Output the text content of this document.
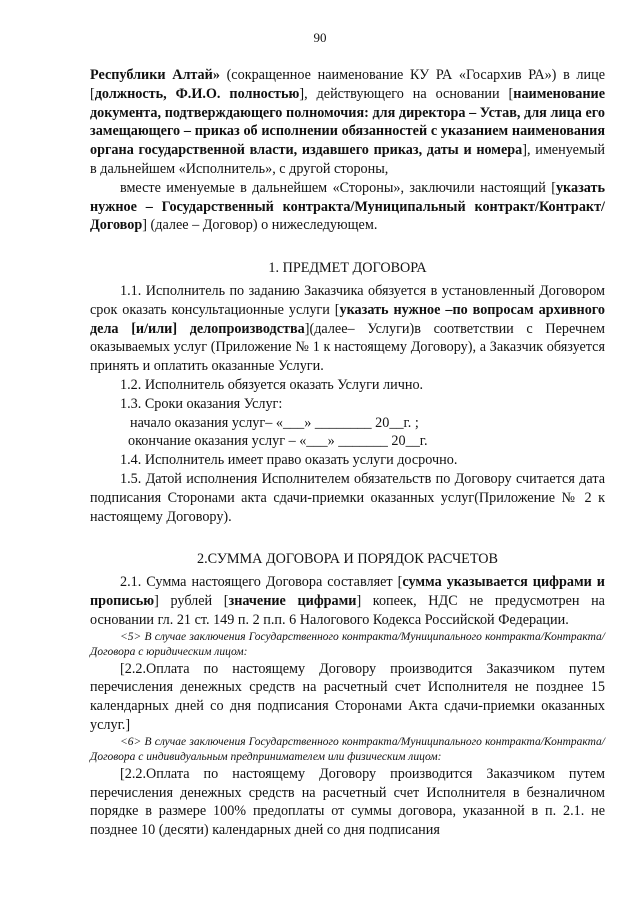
90

Республики Алтай» (сокращенное наименование КУ РА «Госархив РА») в лице [должность, Ф.И.О. полностью], действующего на основании [наименование документа, подтверждающего полномочия: для директора – Устав, для лица его замещающего – приказ об исполнении обязанностей с указанием наименования органа государственной власти, издавшего приказ, даты и номера], именуемый в дальнейшем «Исполнитель», с другой стороны,

вместе именуемые в дальнейшем «Стороны», заключили настоящий [указать нужное – Государственный контракта/Муниципальный контракт/Контракт/Договор] (далее – Договор) о нижеследующем.

1. ПРЕДМЕТ ДОГОВОРА

1.1. Исполнитель по заданию Заказчика обязуется в установленный Договором срок оказать консультационные услуги [указать нужное –по вопросам архивного дела [и/или] делопроизводства](далее– Услуги)в соответствии с Перечнем оказываемых услуг (Приложение № 1 к настоящему Договору), а Заказчик обязуется принять и оплатить оказанные Услуги.

1.2. Исполнитель обязуется оказать Услуги лично.

1.3. Сроки оказания Услуг:

начало оказания услуг– «___» ________ 20__г. ;

окончание оказания услуг – «___» _______ 20__г.

1.4. Исполнитель имеет право оказать услуги досрочно.

1.5. Датой исполнения Исполнителем обязательств по Договору считается дата подписания Сторонами акта сдачи-приемки оказанных услуг(Приложение № 2 к настоящему Договору).

2.СУММА ДОГОВОРА И ПОРЯДОК РАСЧЕТОВ

2.1. Сумма настоящего Договора составляет [сумма указывается цифрами и прописью] рублей [значение цифрами] копеек, НДС не предусмотрен на основании гл. 21 ст. 149 п. 2 п.п. 6 Налогового Кодекса Российской Федерации.

<5> В случае заключения Государственного контракта/Муниципального контракта/Контракта/Договора с юридическим лицом:

[2.2.Оплата по настоящему Договору производится Заказчиком путем перечисления денежных средств на расчетный счет Исполнителя не позднее 15 календарных дней со дня подписания Сторонами Акта сдачи-приемки оказанных услуг.]

<6> В случае заключения Государственного контракта/Муниципального контракта/Контракта/Договора с индивидуальным предпринимателем или физическим лицом:

[2.2.Оплата по настоящему Договору производится Заказчиком путем перечисления денежных средств на расчетный счет Исполнителя в безналичном порядке в размере 100% предоплаты от суммы договора, указанной в п. 2.1. не позднее 10 (десяти) календарных дней со дня подписания
